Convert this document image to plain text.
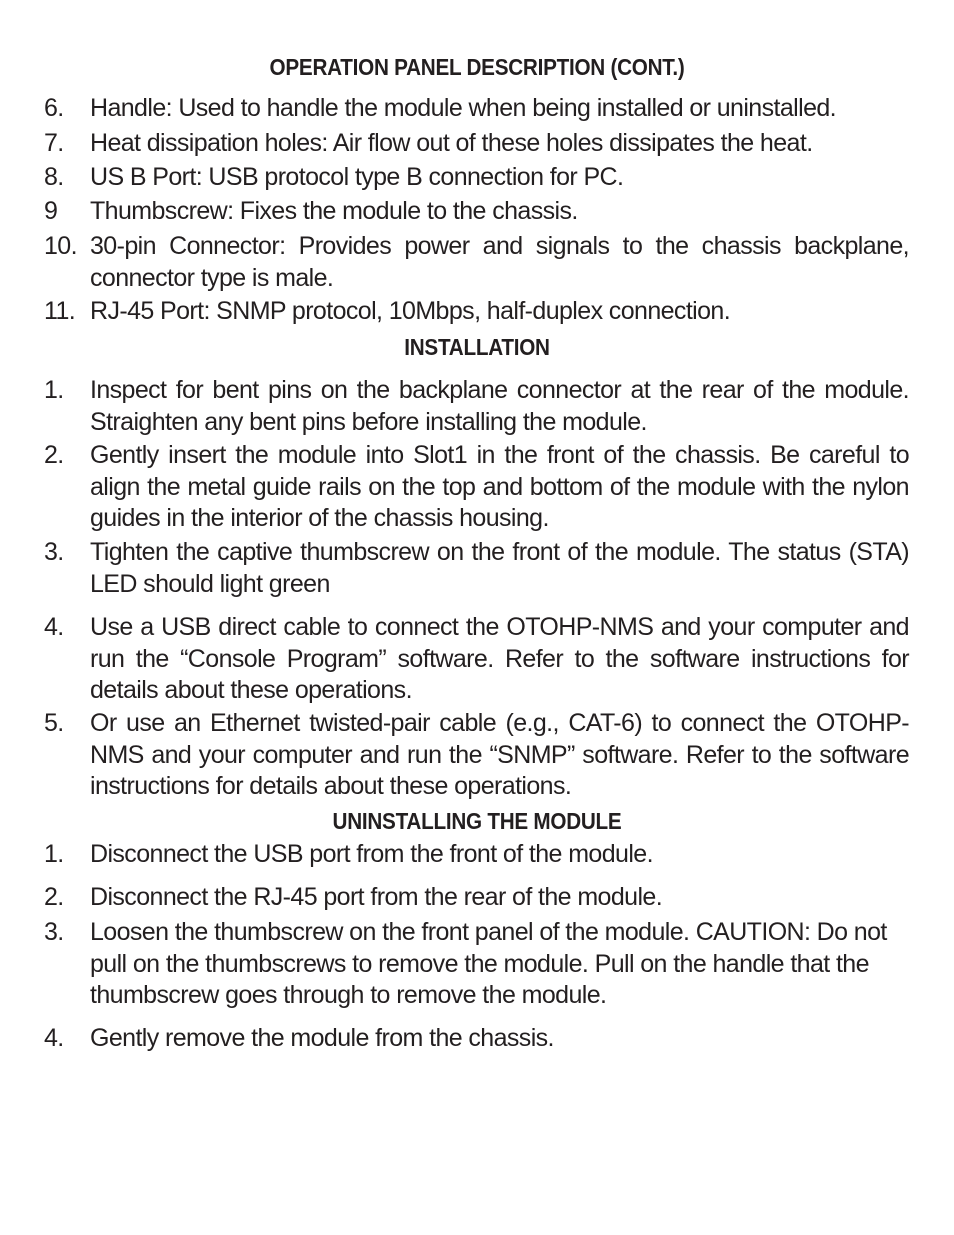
OPERATION PANEL DESCRIPTION (CONT.)
6.	Handle: Used to handle the module when being installed or uninstalled.
7.	Heat dissipation holes: Air flow out of these holes dissipates the heat.
8.	US B Port: USB protocol type B connection for PC.
9	Thumbscrew: Fixes the module to the chassis.
10. 30-pin Connector: Provides power and signals to the chassis backplane, connector type is male.
11. RJ-45 Port: SNMP protocol, 10Mbps, half-duplex connection.
INSTALLATION
1.	Inspect for bent pins on the backplane connector at the rear of the module. Straighten any bent pins before installing the module.
2.	Gently insert the module into Slot1 in the front of the chassis. Be careful to align the metal guide rails on the top and bottom of the module with the nylon guides in the interior of the chassis housing.
3.	Tighten the captive thumbscrew on the front of the module. The status (STA) LED should light green
4.	Use a USB direct cable to connect the OTOHP-NMS and your computer and run the “Console Program” software. Refer to the software instructions for details about these operations.
5.	Or use an Ethernet twisted-pair cable (e.g., CAT-6) to connect the OTOHP-NMS and your computer and run the “SNMP” software. Refer to the software instructions for details about these operations.
UNINSTALLING THE MODULE
1.	Disconnect the USB port from the front of the module.
2.	Disconnect the RJ-45 port from the rear of the module.
3.	Loosen the thumbscrew on the front panel of the module. CAUTION: Do not pull on the thumbscrews to remove the module. Pull on the handle that the thumbscrew goes through to remove the module.
4.	Gently remove the module from the chassis.
